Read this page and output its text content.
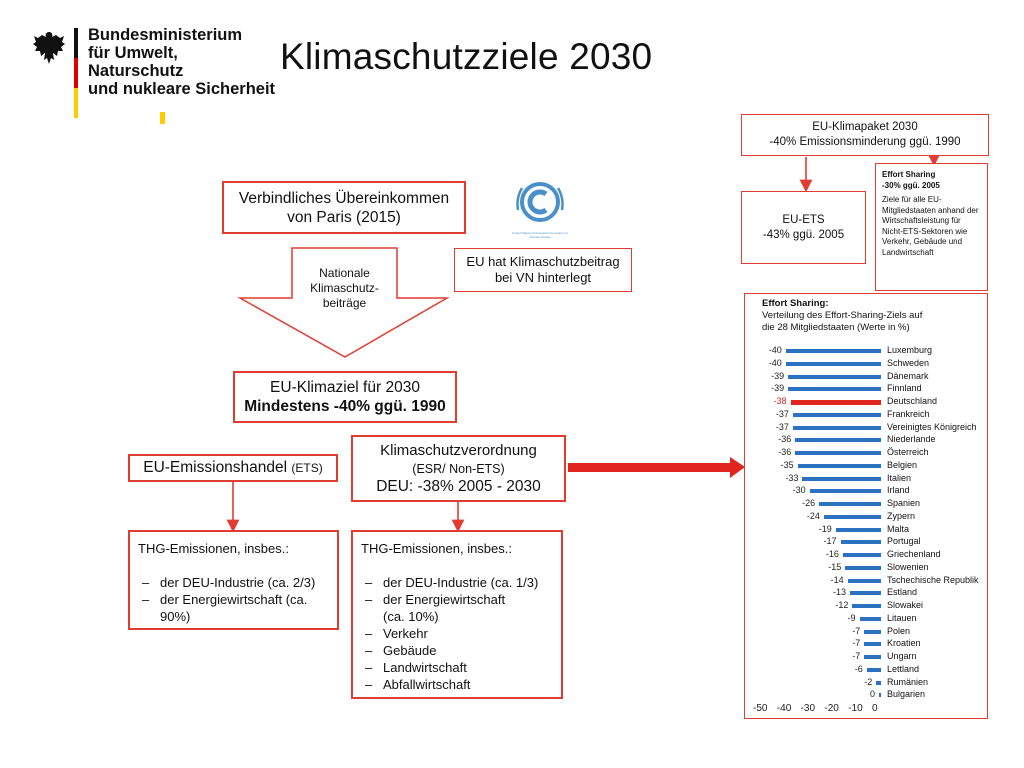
Bundesministerium
für Umwelt, Naturschutz
und nukleare Sicherheit
Klimaschutzziele 2030
Nationale
Klimaschutz-
beiträge
Verbindliches Übereinkommen
von Paris (2015)
United Nations Framework Convention on Climate Change
EU hat Klimaschutzbeitrag
bei VN hinterlegt
EU-Klimaziel für 2030
Mindestens -40% ggü. 1990
EU-Emissionshandel (ETS)
Klimaschutzverordnung
(ESR/ Non-ETS)
DEU: -38% 2005 - 2030
THG-Emissionen, insbes.:
– der DEU-Industrie (ca. 2/3)
– der Energiewirtschaft (ca. 90%)
THG-Emissionen, insbes.:
– der DEU-Industrie (ca. 1/3)
– der Energiewirtschaft (ca. 10%)
– Verkehr
– Gebäude
– Landwirtschaft
– Abfallwirtschaft
EU-Klimapaket 2030
-40% Emissionsminderung ggü. 1990
EU-ETS
-43% ggü. 2005
Effort Sharing
-30% ggü. 2005
Ziele für alle EU-Mitgliedstaaten anhand der Wirtschaftsleistung für Nicht-ETS-Sektoren wie Verkehr, Gebäude und Landwirtschaft
Effort Sharing:
Verteilung des Effort-Sharing-Ziels auf
die 28 Mitgliedstaaten (Werte in %)
-40	Luxemburg
-40	Schweden
-39	Dänemark
-39	Finnland
-38	Deutschland
-37	Frankreich
-37	Vereinigtes Königreich
-36	Niederlande
-36	Österreich
-35	Belgien
-33	Italien
-30	Irland
-26	Spanien
-24	Zypern
-19	Malta
-17	Portugal
-16	Griechenland
-15	Slowenien
-14	Tschechische Republik
-13	Estland
-12	Slowakei
-9	Litauen
-7	Polen
-7	Kroatien
-7	Ungarn
-6	Lettland
-2 Rumänien
0 Bulgarien
-50 -40 -30 -20 -10 0
